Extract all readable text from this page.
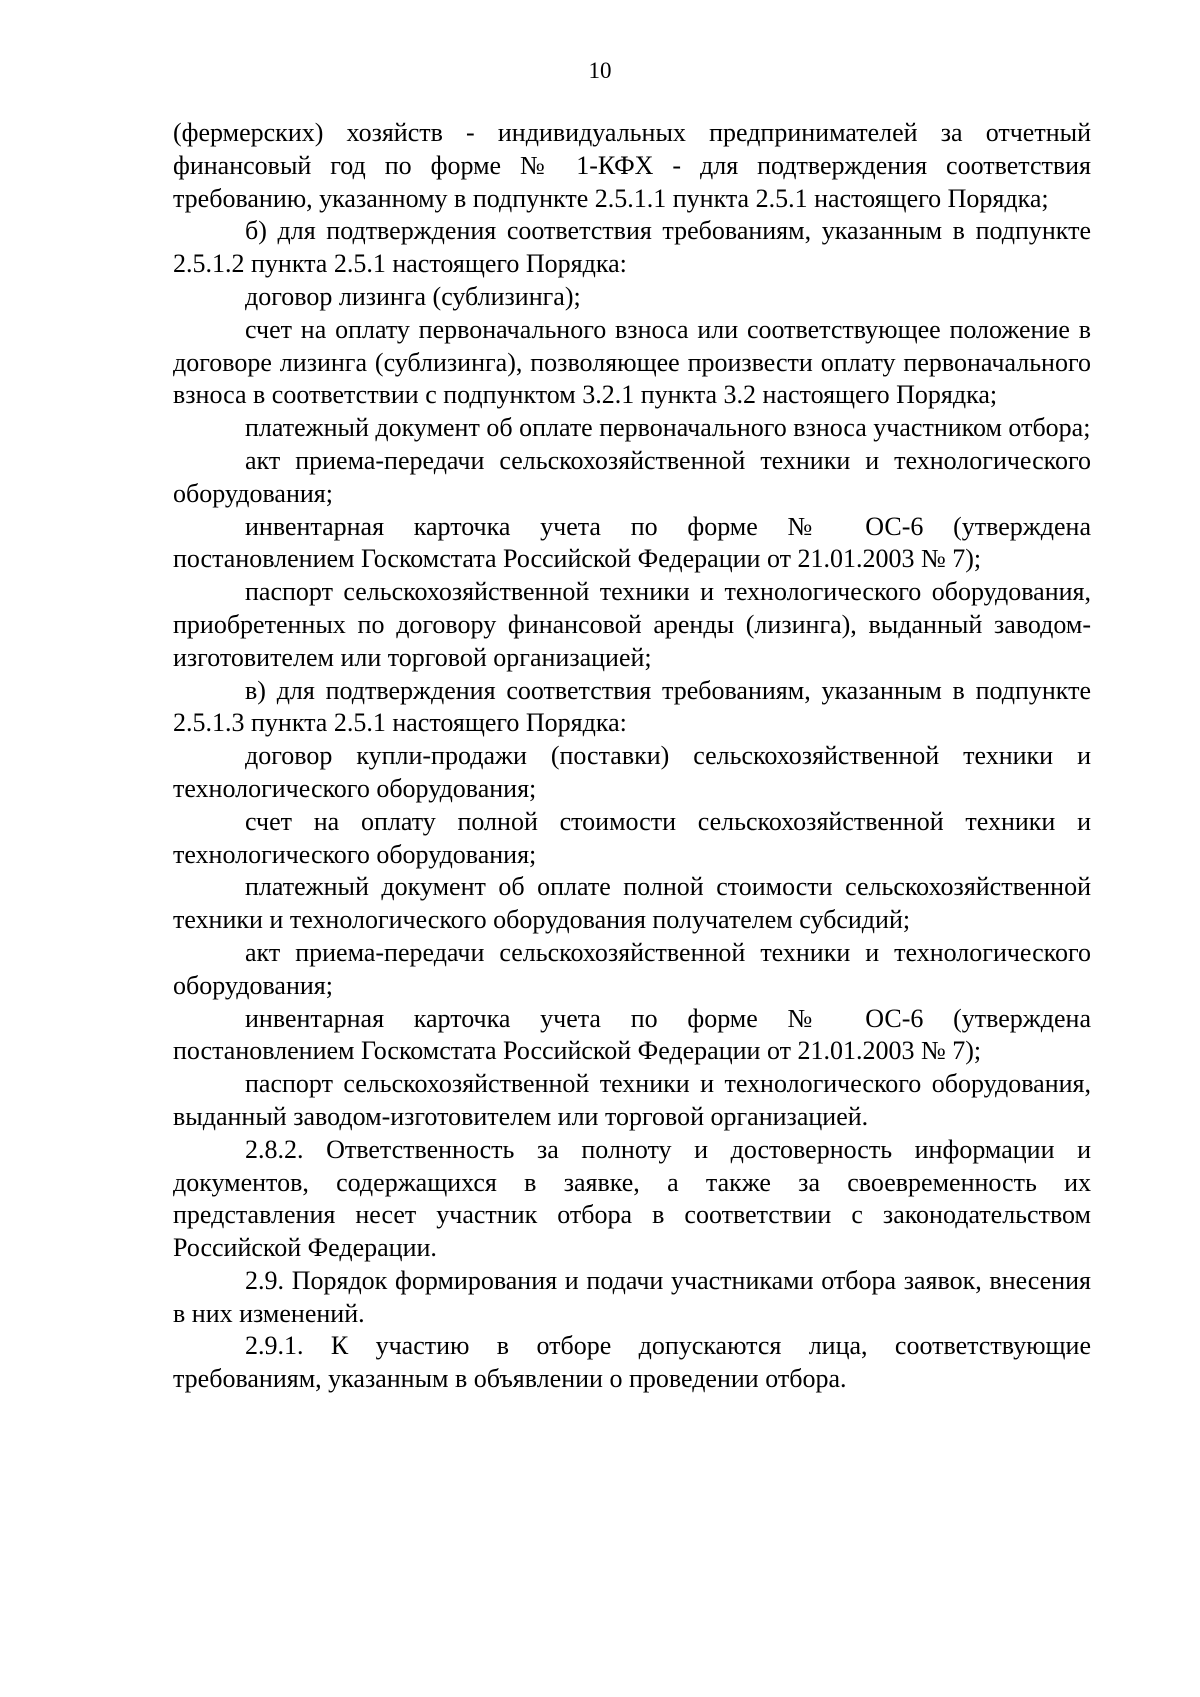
10

(фермерских) хозяйств - индивидуальных предпринимателей за отчетный финансовый год по форме № 1-КФХ - для подтверждения соответствия требованию, указанному в подпункте 2.5.1.1 пункта 2.5.1 настоящего Порядка;

б) для подтверждения соответствия требованиям, указанным в подпункте 2.5.1.2 пункта 2.5.1 настоящего Порядка:

договор лизинга (сублизинга);

счет на оплату первоначального взноса или соответствующее положение в договоре лизинга (сублизинга), позволяющее произвести оплату первоначального взноса в соответствии с подпунктом 3.2.1 пункта 3.2 настоящего Порядка;

платежный документ об оплате первоначального взноса участником отбора;

акт приема-передачи сельскохозяйственной техники и технологического оборудования;

инвентарная карточка учета по форме № ОС-6 (утверждена постановлением Госкомстата Российской Федерации от 21.01.2003 № 7);

паспорт сельскохозяйственной техники и технологического оборудования, приобретенных по договору финансовой аренды (лизинга), выданный заводом-изготовителем или торговой организацией;

в) для подтверждения соответствия требованиям, указанным в подпункте 2.5.1.3 пункта 2.5.1 настоящего Порядка:

договор купли-продажи (поставки) сельскохозяйственной техники и технологического оборудования;

счет на оплату полной стоимости сельскохозяйственной техники и технологического оборудования;

платежный документ об оплате полной стоимости сельскохозяйственной техники и технологического оборудования получателем субсидий;

акт приема-передачи сельскохозяйственной техники и технологического оборудования;

инвентарная карточка учета по форме № ОС-6 (утверждена постановлением Госкомстата Российской Федерации от 21.01.2003 № 7);

паспорт сельскохозяйственной техники и технологического оборудования, выданный заводом-изготовителем или торговой организацией.

2.8.2. Ответственность за полноту и достоверность информации и документов, содержащихся в заявке, а также за своевременность их представления несет участник отбора в соответствии с законодательством Российской Федерации.

2.9. Порядок формирования и подачи участниками отбора заявок, внесения в них изменений.

2.9.1. К участию в отборе допускаются лица, соответствующие требованиям, указанным в объявлении о проведении отбора.
